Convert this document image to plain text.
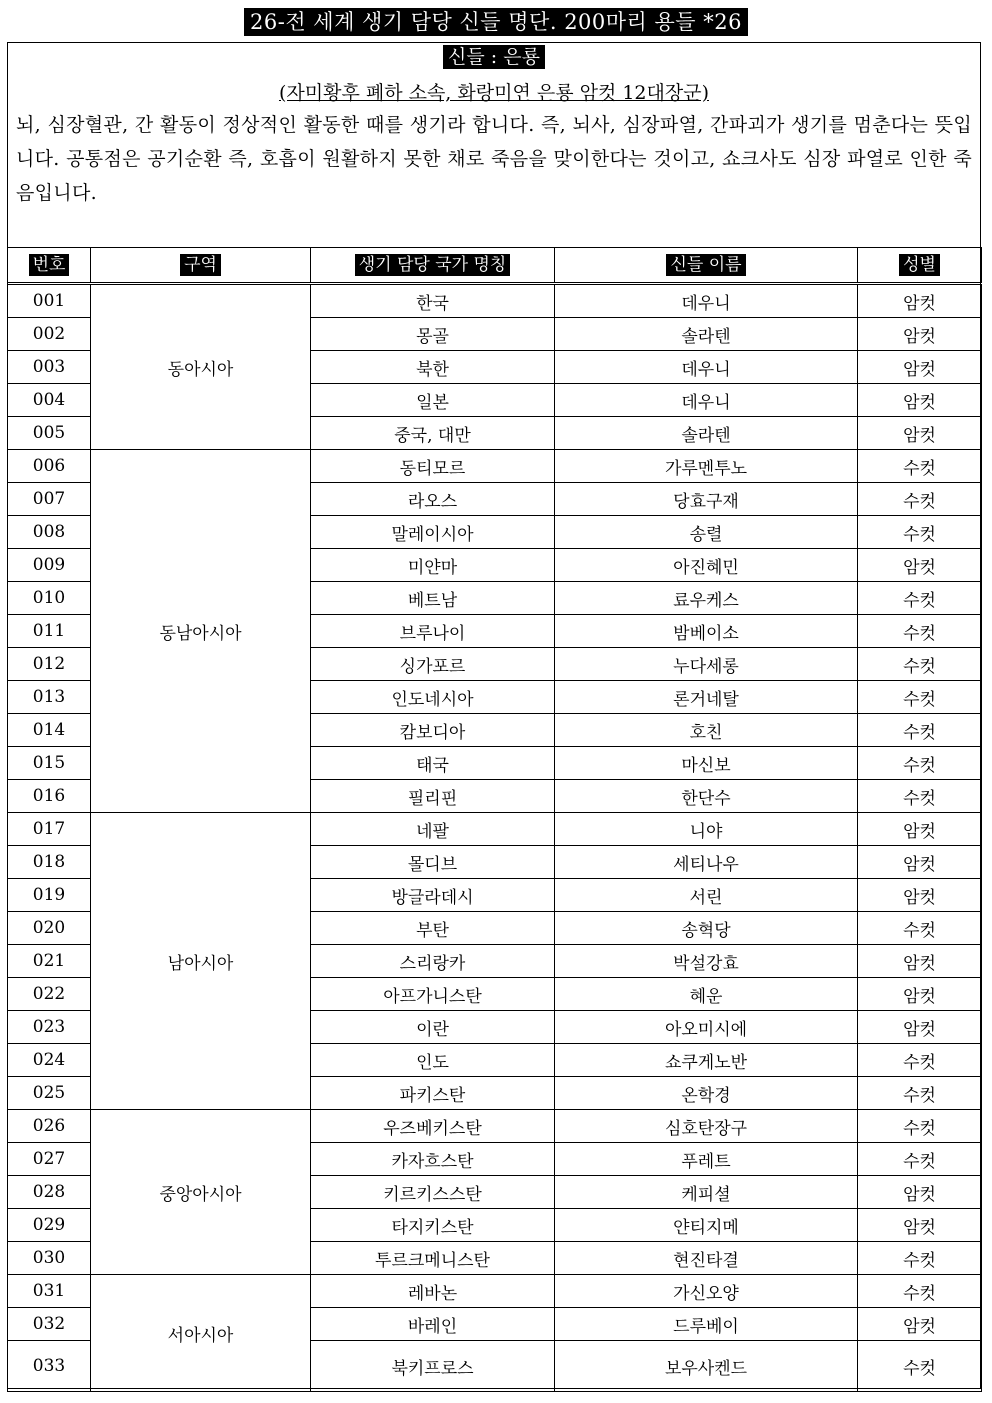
26-전 세계 생기 담당 신들 명단. 200마리 용들 *26
신들 : 은룡
(자미황후 폐하 소속, 화랑미연 은룡 암컷 12대장군)
뇌, 심장혈관, 간 활동이 정상적인 활동한 때를 생기라 합니다. 즉, 뇌사, 심장파열, 간파괴가 생기를 멈춘다는 뜻입니다. 공통점은 공기순환 즉, 호흡이 원활하지 못한 채로 죽음을 맞이한다는 것이고, 쇼크사도 심장 파열로 인한 죽음입니다.
번호	구역	생기 담당 국가 명칭	신들 이름	성별
001	동아시아	한국	데우니	암컷
002		몽골	솔라텐	암컷
003		북한	데우니	암컷
004		일본	데우니	암컷
005		중국, 대만	솔라텐	암컷
006	동남아시아	동티모르	가루멘투노	수컷
007		라오스	당효구재	수컷
008		말레이시아	송렬	수컷
009		미얀마	아진혜민	암컷
010		베트남	료우케스	수컷
011		브루나이	밤베이소	수컷
012		싱가포르	누다세롱	수컷
013		인도네시아	론거네탈	수컷
014		캄보디아	호친	수컷
015		태국	마신보	수컷
016		필리핀	한단수	수컷
017	남아시아	네팔	니야	암컷
018		몰디브	세티나우	암컷
019		방글라데시	서린	암컷
020		부탄	송혁당	수컷
021		스리랑카	박설강효	암컷
022		아프가니스탄	혜운	암컷
023		이란	아오미시에	암컷
024		인도	쇼쿠게노반	수컷
025		파키스탄	온학경	수컷
026	중앙아시아	우즈베키스탄	심호탄장구	수컷
027		카자흐스탄	푸레트	수컷
028		키르키스스탄	케피셜	암컷
029		타지키스탄	얀티지메	암컷
030		투르크메니스탄	현진타결	수컷
031	서아시아	레바논	가신오양	수컷
032		바레인	드루베이	암컷
033		북키프로스	보우사켄드	수컷
